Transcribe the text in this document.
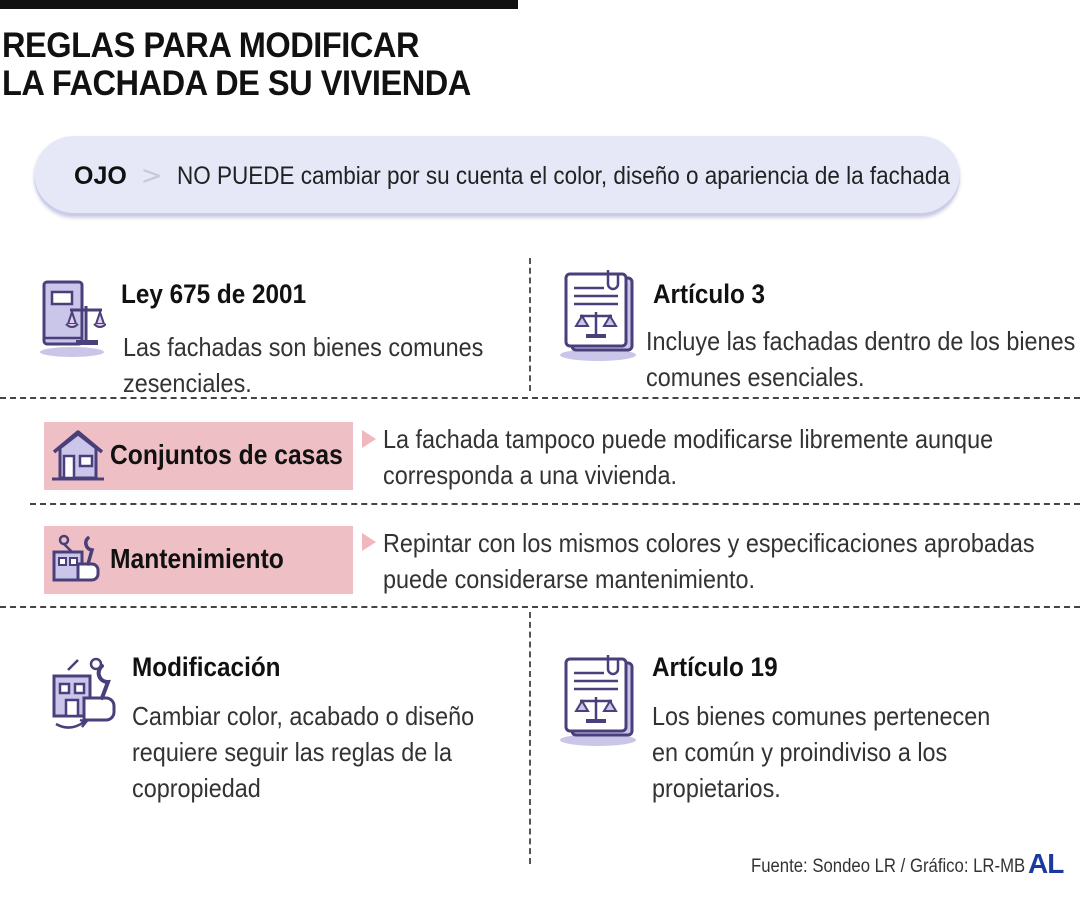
REGLAS PARA MODIFICAR
LA FACHADA DE SU VIVIENDA
OJO > NO PUEDE cambiar por su cuenta el color, diseño o apariencia de la fachada
Ley 675 de 2001
Las fachadas son bienes comunes
zesenciales.
Artículo 3
Incluye las fachadas dentro de los bienes
comunes esenciales.
Conjuntos de casas La fachada tampoco puede modificarse libremente aunque
corresponda a una vivienda.
Mantenimiento	Repintar con los mismos colores y especificaciones aprobadas
puede considerarse mantenimiento.
Modificación
Cambiar color, acabado o diseño
requiere seguir las reglas de la
copropiedad
Artículo 19
Los bienes comunes pertenecen
en común y proindiviso a los
propietarios.
Fuente: Sondeo LR / Gráfico: LR-MB AL
